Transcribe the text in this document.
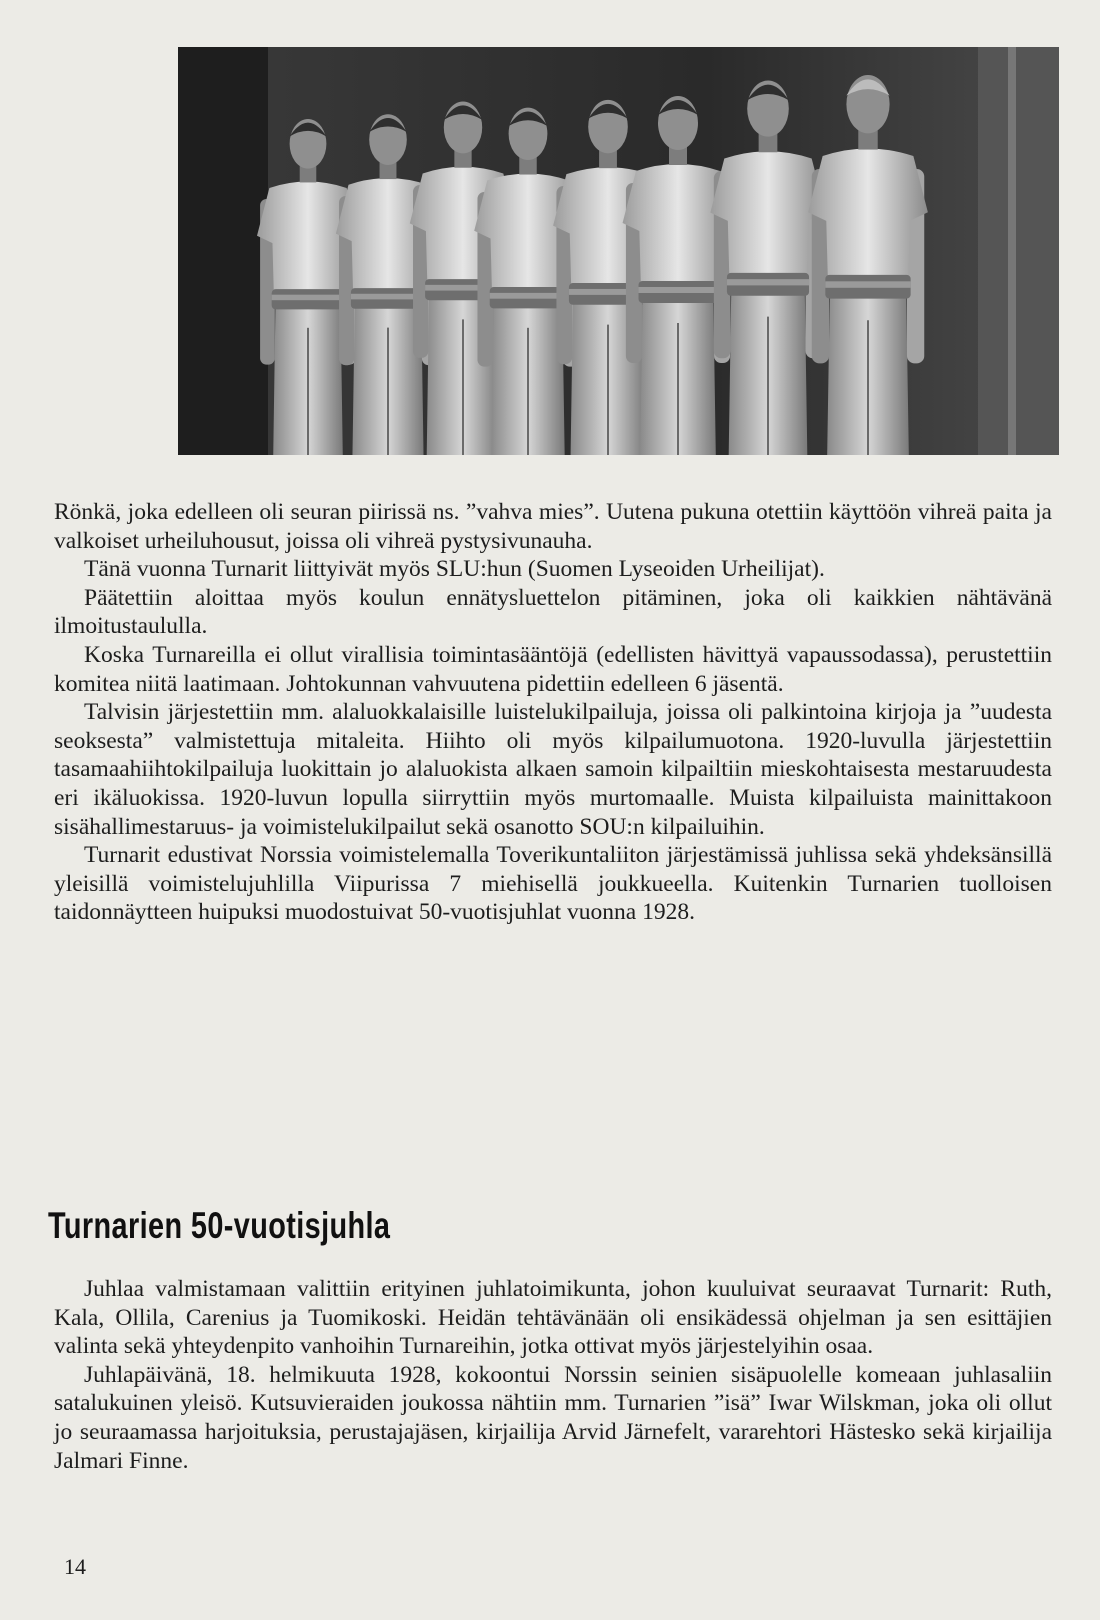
Rönkä, joka edelleen oli seuran piirissä ns. ”vahva mies”. Uutena pukuna otettiin käyttöön vihreä paita ja valkoiset urheiluhousut, joissa oli vihreä pystysivunauha.

Tänä vuonna Turnarit liittyivät myös SLU:hun (Suomen Lyseoiden Urheilijat).

Päätettiin aloittaa myös koulun ennätysluettelon pitäminen, joka oli kaikkien nähtävänä ilmoitustaululla.

Koska Turnareilla ei ollut virallisia toimintasääntöjä (edellisten hävittyä vapaussodassa), perustettiin komitea niitä laatimaan. Johtokunnan vahvuutena pidettiin edelleen 6 jäsentä.

Talvisin järjestettiin mm. alaluokkalaisille luistelukilpailuja, joissa oli palkintoina kirjoja ja ”uudesta seoksesta” valmistettuja mitaleita. Hiihto oli myös kilpailumuotona. 1920-luvulla järjestettiin tasamaahiihtokilpailuja luokittain jo alaluokista alkaen samoin kilpailtiin mieskohtaisesta mestaruudesta eri ikäluokissa. 1920-luvun lopulla siirryttiin myös murtomaalle. Muista kilpailuista mainittakoon sisähallimestaruus- ja voimistelukilpailut sekä osanotto SOU:n kilpailuihin.

Turnarit edustivat Norssia voimistelemalla Toverikuntaliiton järjestämissä juhlissa sekä yhdeksänsillä yleisillä voimistelujuhlilla Viipurissa 7 miehisellä joukkueella. Kuitenkin Turnarien tuolloisen taidonnäytteen huipuksi muodostuivat 50-vuotisjuhlat vuonna 1928.

Turnarien 50-vuotisjuhla

Juhlaa valmistamaan valittiin erityinen juhlatoimikunta, johon kuuluivat seuraavat Turnarit: Ruth, Kala, Ollila, Carenius ja Tuomikoski. Heidän tehtävänään oli ensikädessä ohjelman ja sen esittäjien valinta sekä yhteydenpito vanhoihin Turnareihin, jotka ottivat myös järjestelyihin osaa.

Juhlapäivänä, 18. helmikuuta 1928, kokoontui Norssin seinien sisäpuolelle komeaan juhlasaliin satalukuinen yleisö. Kutsuvieraiden joukossa nähtiin mm. Turnarien ”isä” Iwar Wilskman, joka oli ollut jo seuraamassa harjoituksia, perustajajäsen, kirjailija Arvid Järnefelt, vararehtori Hästesko sekä kirjailija Jalmari Finne.

14
